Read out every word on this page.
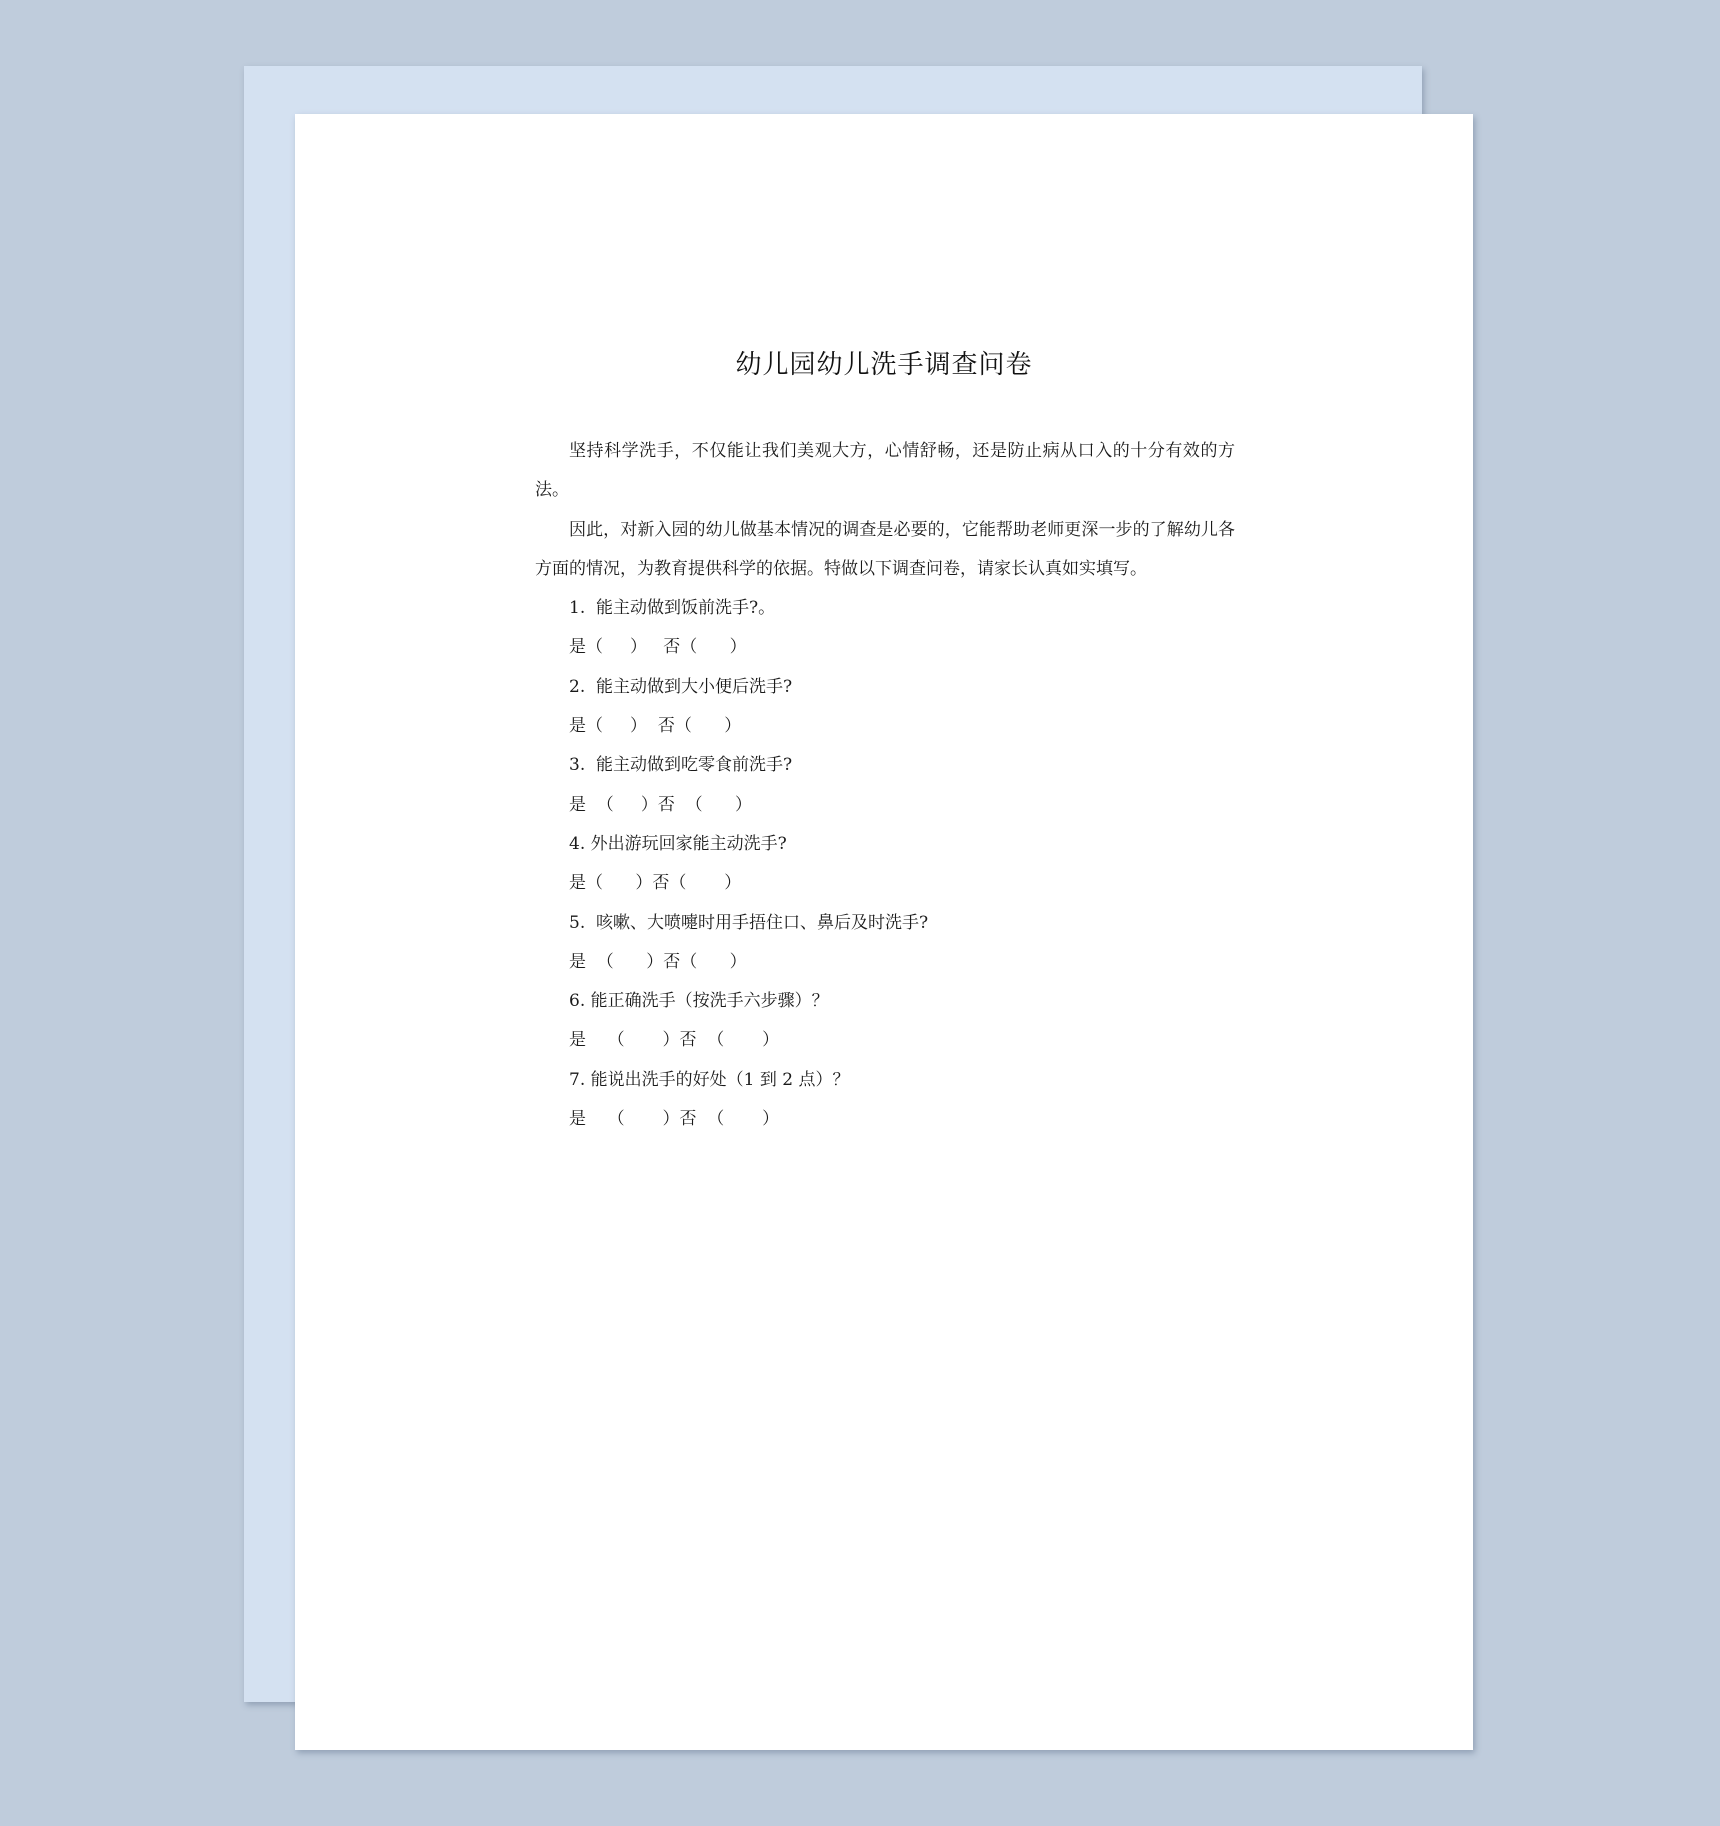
幼儿园幼儿洗手调查问卷

坚持科学洗手，不仅能让我们美观大方，心情舒畅，还是防止病从口入的十分有效的方法。

因此，对新入园的幼儿做基本情况的调查是必要的，它能帮助老师更深一步的了解幼儿各方面的情况，为教育提供科学的依据。特做以下调查问卷，请家长认真如实填写。

1.  能主动做到饭前洗手?。

是（     ）   否（      ）

2.  能主动做到大小便后洗手?

是（     ）  否（      ）

3.  能主动做到吃零食前洗手?

是  （     ）否  （      ）

4. 外出游玩回家能主动洗手?

是（      ）否（       ）

5.  咳嗽、大喷嚏时用手捂住口、鼻后及时洗手?

是  （      ）否（      ）

6. 能正确洗手（按洗手六步骤）？

是    （       ）否  （       ）

7. 能说出洗手的好处（1 到 2 点）？

是    （       ）否  （       ）
